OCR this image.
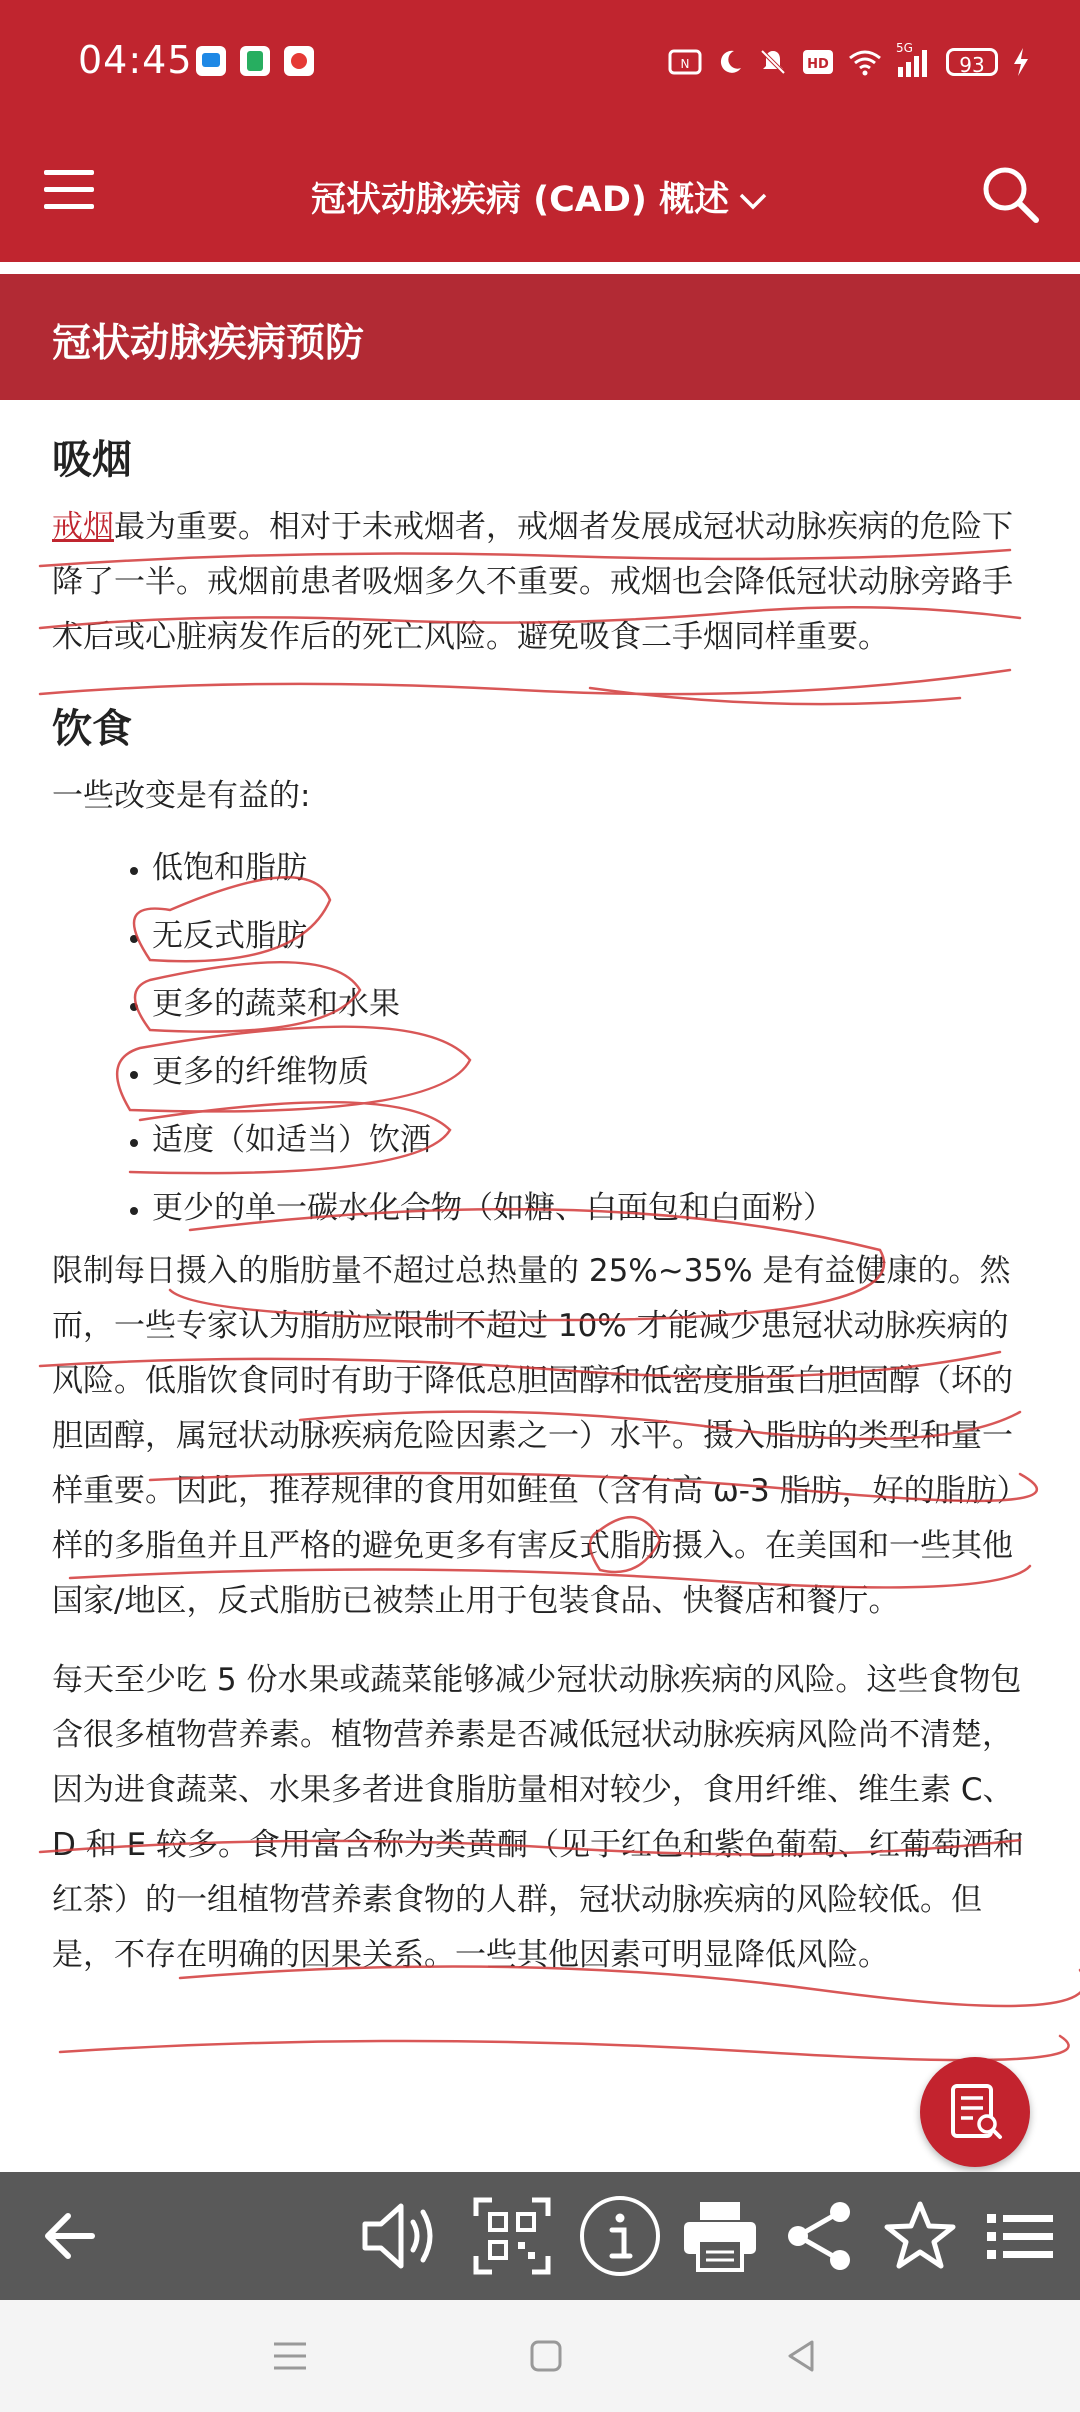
04:45	N	HD
5G
93
冠状动脉疾病 (CAD) 概述
冠状动脉疾病预防
吸烟

戒烟最为重要。相对于未戒烟者，戒烟者发展成冠状动脉疾病的危险下降了一半。戒烟前患者吸烟多久不重要。戒烟也会降低冠状动脉旁路手术后或心脏病发作后的死亡风险。避免吸食二手烟同样重要。

饮食

一些改变是有益的:

• 低饱和脂肪
• 无反式脂肪
• 更多的蔬菜和水果
• 更多的纤维物质
• 适度（如适当）饮酒
• 更少的单一碳水化合物（如糖、白面包和白面粉）

限制每日摄入的脂肪量不超过总热量的 25%~35% 是有益健康的。然而，一些专家认为脂肪应限制不超过 10% 才能减少患冠状动脉疾病的风险。低脂饮食同时有助于降低总胆固醇和低密度脂蛋白胆固醇（坏的胆固醇，属冠状动脉疾病危险因素之一）水平。摄入脂肪的类型和量一样重要。因此，推荐规律的食用如鲑鱼（含有高 ω-3 脂肪，好的脂肪）样的多脂鱼并且严格的避免更多有害反式脂肪摄入。在美国和一些其他国家/地区，反式脂肪已被禁止用于包装食品、快餐店和餐厅。

每天至少吃 5 份水果或蔬菜能够减少冠状动脉疾病的风险。这些食物包含很多植物营养素。植物营养素是否减低冠状动脉疾病风险尚不清楚，因为进食蔬菜、水果多者进食脂肪量相对较少，食用纤维、维生素 C、D 和 E 较多。食用富含称为类黄酮（见于红色和紫色葡萄、红葡萄酒和红茶）的一组植物营养素食物的人群，冠状动脉疾病的风险较低。但是，不存在明确的因果关系。一些其他因素可明显降低风险。
